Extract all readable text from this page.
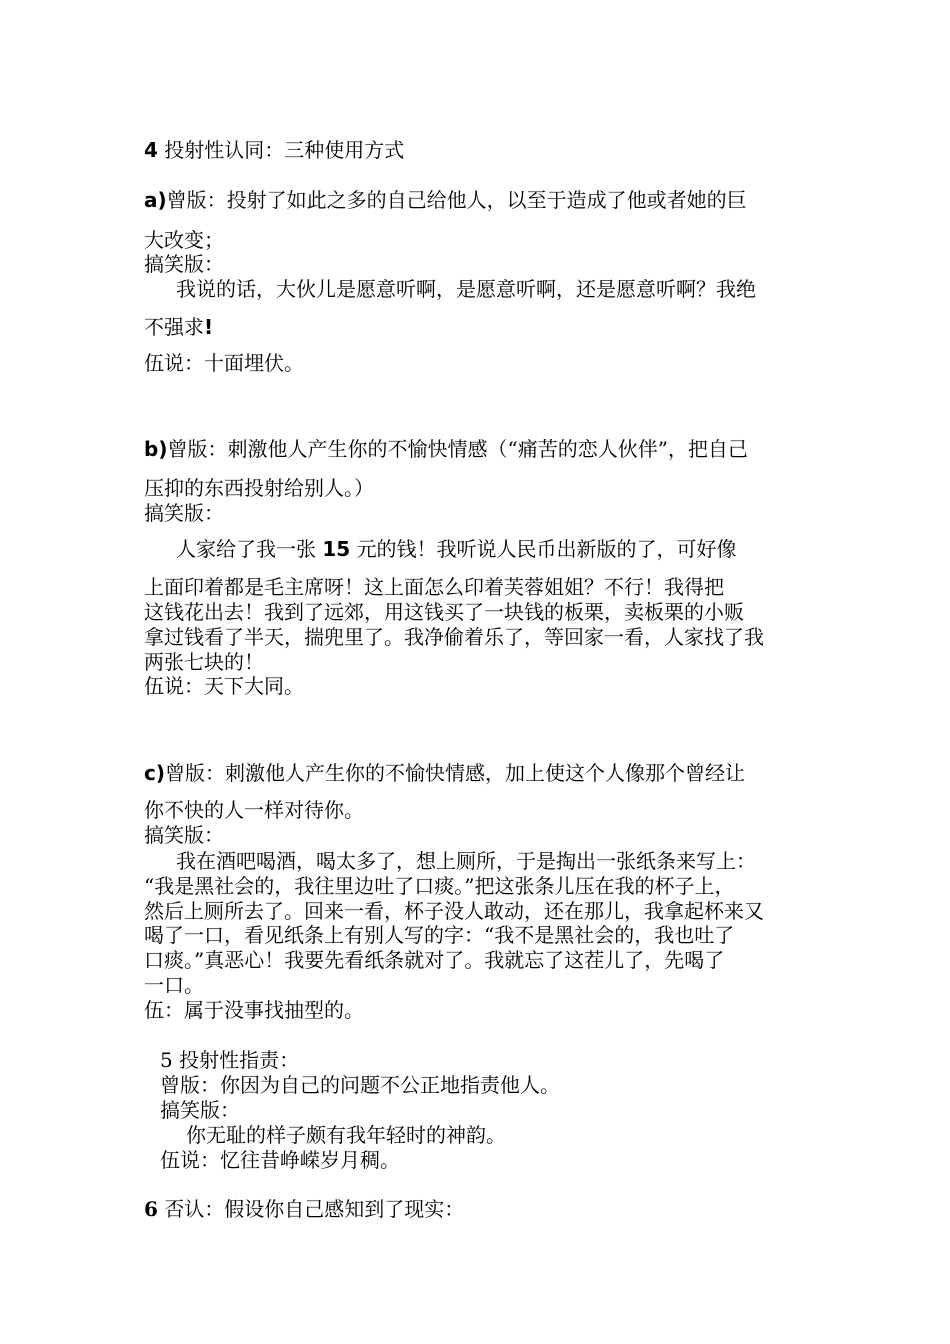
4 投射性认同：三种使用方式
a)曾版：投射了如此之多的自己给他人，以至于造成了他或者她的巨
大改变；
搞笑版：
我说的话，大伙儿是愿意听啊，是愿意听啊，还是愿意听啊？我绝
不强求!
伍说：十面埋伏。
b)曾版：刺激他人产生你的不愉快情感（“痛苦的恋人伙伴”，把自己
压抑的东西投射给别人。）
搞笑版：
人家给了我一张 15 元的钱！我听说人民币出新版的了，可好像
上面印着都是毛主席呀！这上面怎么印着芙蓉姐姐？不行！我得把
这钱花出去！我到了远郊，用这钱买了一块钱的板栗，卖板栗的小贩
拿过钱看了半天，揣兜里了。我净偷着乐了，等回家一看，人家找了我
两张七块的！
伍说：天下大同。
c)曾版：刺激他人产生你的不愉快情感，加上使这个人像那个曾经让
你不快的人一样对待你。
搞笑版：
我在酒吧喝酒，喝太多了，想上厕所，于是掏出一张纸条来写上：
“我是黑社会的，我往里边吐了口痰。”把这张条儿压在我的杯子上，
然后上厕所去了。回来一看，杯子没人敢动，还在那儿，我拿起杯来又
喝了一口，看见纸条上有别人写的字：“我不是黑社会的，我也吐了
口痰。”真恶心！我要先看纸条就对了。我就忘了这茬儿了，先喝了
一口。
伍：属于没事找抽型的。
5 投射性指责：
曾版：你因为自己的问题不公正地指责他人。
搞笑版：
你无耻的样子颇有我年轻时的神韵。
伍说：忆往昔峥嵘岁月稠。
6 否认：假设你自己感知到了现实：
